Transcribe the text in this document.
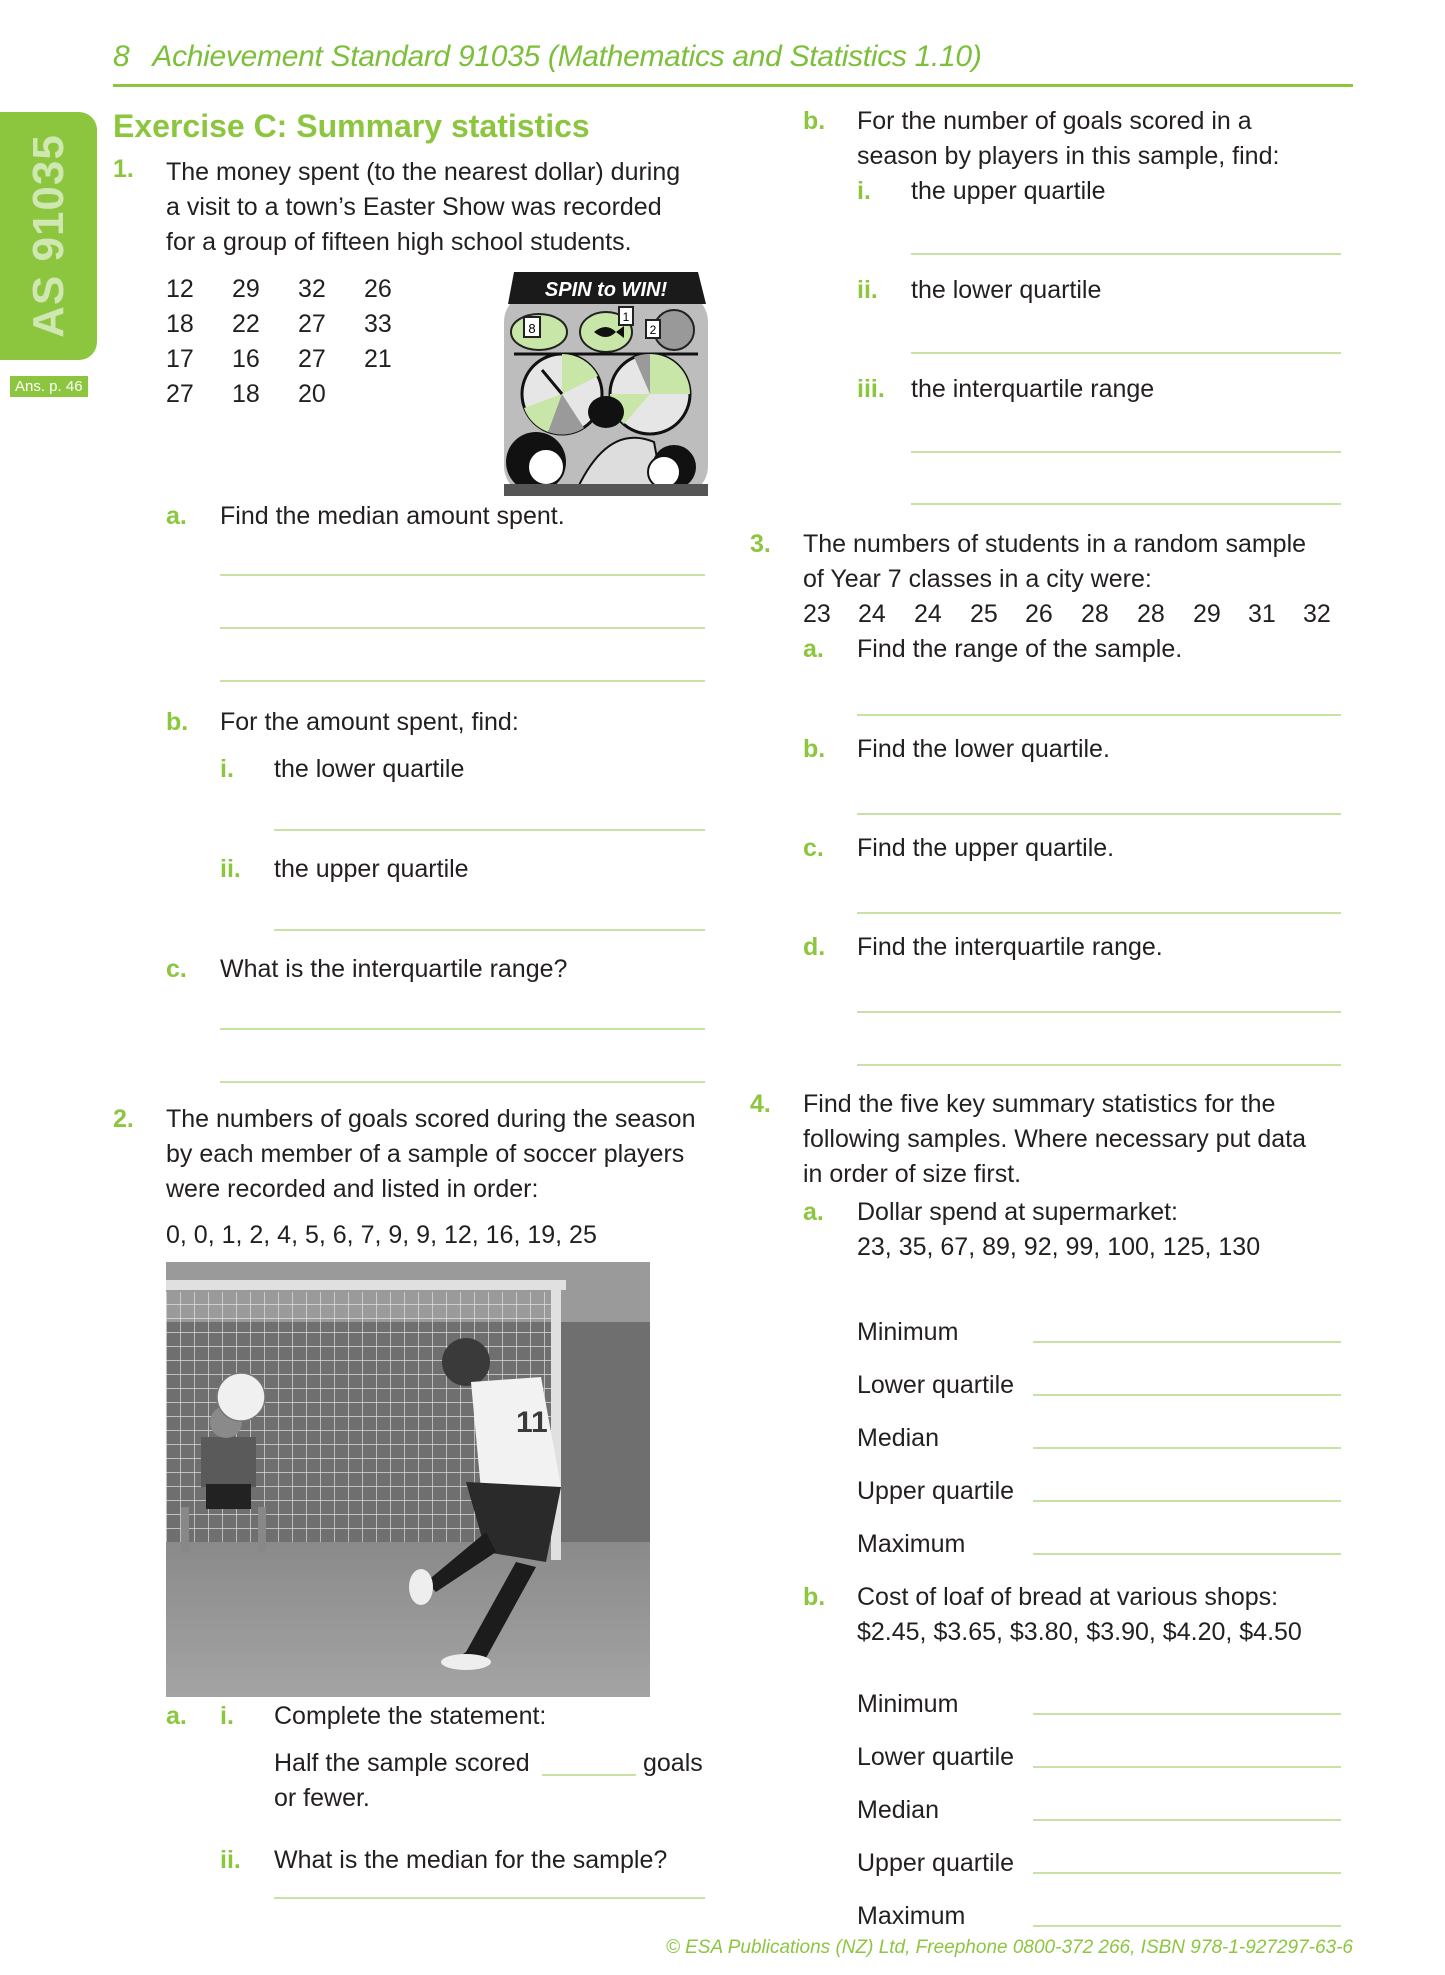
8 Achievement Standard 91035 (Mathematics and Statistics 1.10)
AS 91035
Ans. p. 46
Exercise C: Summary statistics
1. The money spent (to the nearest dollar) during
a visit to a town’s Easter Show was recorded
for a group of fifteen high school students.
12	29	32	26
18	22	27	33
17	16	27	21
27	18	20
SPIN to WIN!
8
1
2
a. Find the median amount spent.
b. For the amount spent, find:
i. the lower quartile
ii. the upper quartile
c. What is the interquartile range?
2. The numbers of goals scored during the season
by each member of a sample of soccer players
were recorded and listed in order:
0, 0, 1, 2, 4, 5, 6, 7, 9, 9, 12, 16, 19, 25
11
a. i. Complete the statement:
Half the sample scored	goals
or fewer.
ii. What is the median for the sample?
b. For the number of goals scored in a
season by players in this sample, find:
i. the upper quartile
ii. the lower quartile
iii. the interquartile range
3. The numbers of students in a random sample
of Year 7 classes in a city were:
23	24	24	25	26	28	28	29	31	32
a. Find the range of the sample.
b. Find the lower quartile.
c. Find the upper quartile.
d. Find the interquartile range.
4. Find the five key summary statistics for the
following samples. Where necessary put data
in order of size first.
a. Dollar spend at supermarket:
23, 35, 67, 89, 92, 99, 100, 125, 130
Minimum
Lower quartile
Median
Upper quartile
Maximum
b. Cost of loaf of bread at various shops:
$2.45, $3.65, $3.80, $3.90, $4.20, $4.50
Minimum
Lower quartile
Median
Upper quartile
Maximum
© ESA Publications (NZ) Ltd, Freephone 0800-372 266, ISBN 978-1-927297-63-6
